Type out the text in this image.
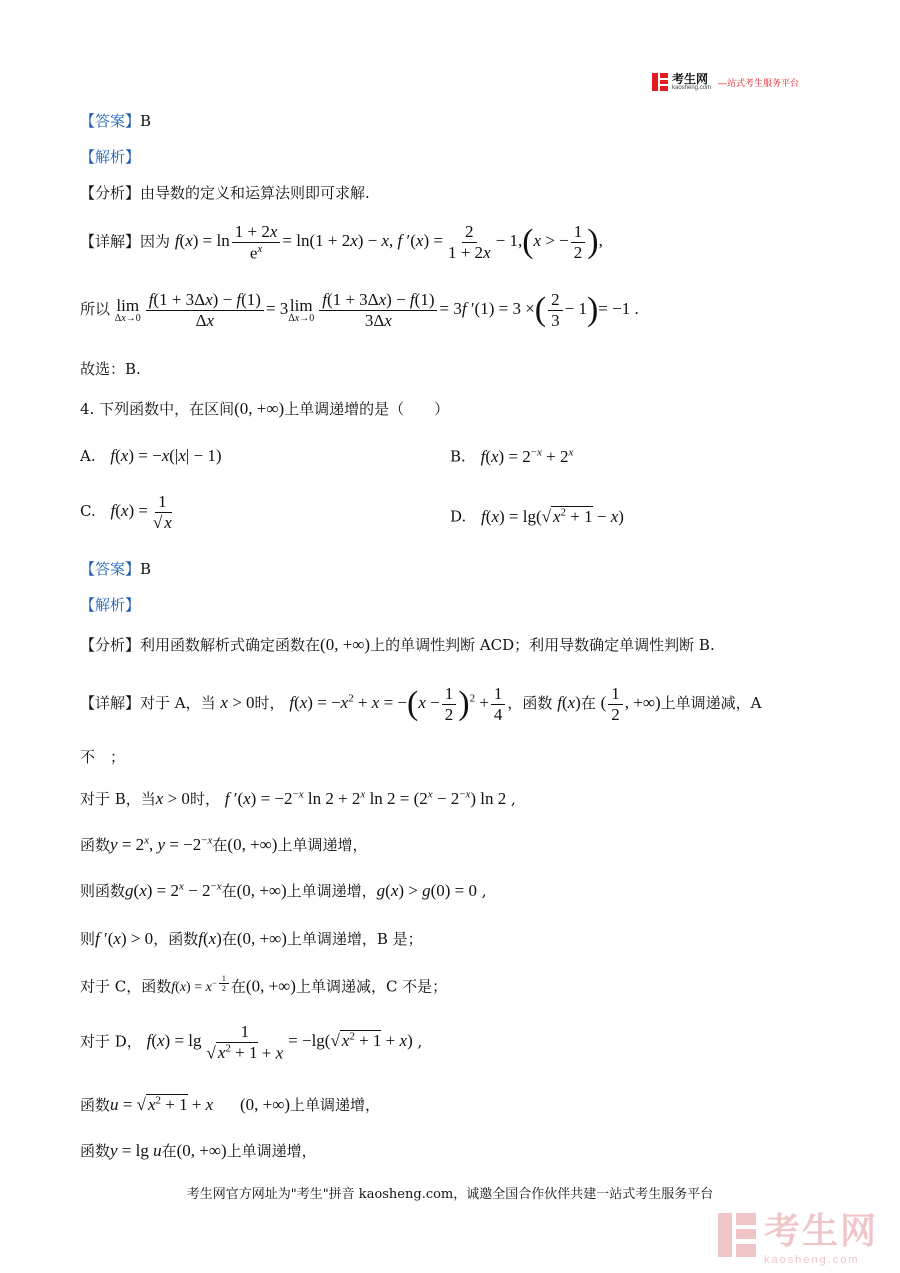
考生网
kaosheng.com
—站式考生服务平台
【答案】B
【解析】
【分析】由导数的定义和运算法则即可求解.
【详解】因为 $f(x) = \ln \frac{1 + 2x}{e^x} = \ln(1 + 2x) - x$, f $'(x) = \frac{2}{1 + 2x} - 1,(x$ > − $\frac{1}{2}$ ),
所以 lim
$\Delta x\to 0 \frac{f(1 + 3\Delta x) - f(1)}{\Delta x} = 3$ lim
$\Delta x\to 0 \frac{f(1 + 3\Delta x) - f(1)}{3\Delta x} = 3f$ ′(1) = 3 ×( $\frac{2}{3} - 1)= -1$ .
故选：B.
4. 下列函数中，在区间(0, +∞)上单调递增的是（　　）
A. f(x) = −x(|x| − 1)	B. $f(x) = 2^{-x} + 2^x$
C. $f(x) = \frac{1}{√ x}$	D. f(x) = lg(√ $x^2 + 1 - x$)
【答案】B
【解析】
【分析】利用函数解析式确定函数在(0, +∞)上的单调性判断 ACD；利用导数确定单调性判断 B.
【详解】对于 A，当 x > 0时， $f(x) = -x^2 + x = -(x - \frac{1}{2} )^2 + \frac{1}{4}$ ，函数 f(x)在 ( $\frac{1}{2}$ , +∞)上单调递减，A
不　；
对于 B，当x > 0时， f $'(x) = -2^{-x}$ $\ln 2 + 2^x$ $\ln 2 = (2^x - 2^{-x})$ ln 2 ,
函数$y = 2^x$, $y = -2^{-x}$在(0, +∞)上单调递增，
则函数$g(x) = 2^x - 2^{-x}$在(0, +∞)上单调递增，g(x) > g(0) = 0 ,
则f ′(x) > 0，函数f(x)在(0, +∞)上单调递增，B 是；
对于 C，函数$f(x) = x^{- \frac{1}{2}}$ 在(0, +∞)上单调递减，C 不是；
对于 D， $f(x) = \lg \frac{1}{√ x^2 + 1 + x} = -\lg(√$ $x^2 + 1 + x$) ,
函数u = √ $x^2 + 1 + x$ (0, +∞)上单调递增，
函数y = lg u在(0, +∞)上单调递增，
考生网官方网址为"考生"拼音 kaosheng.com，诚邀全国合作伙伴共建一站式考生服务平台
考生网
kaosheng.com
